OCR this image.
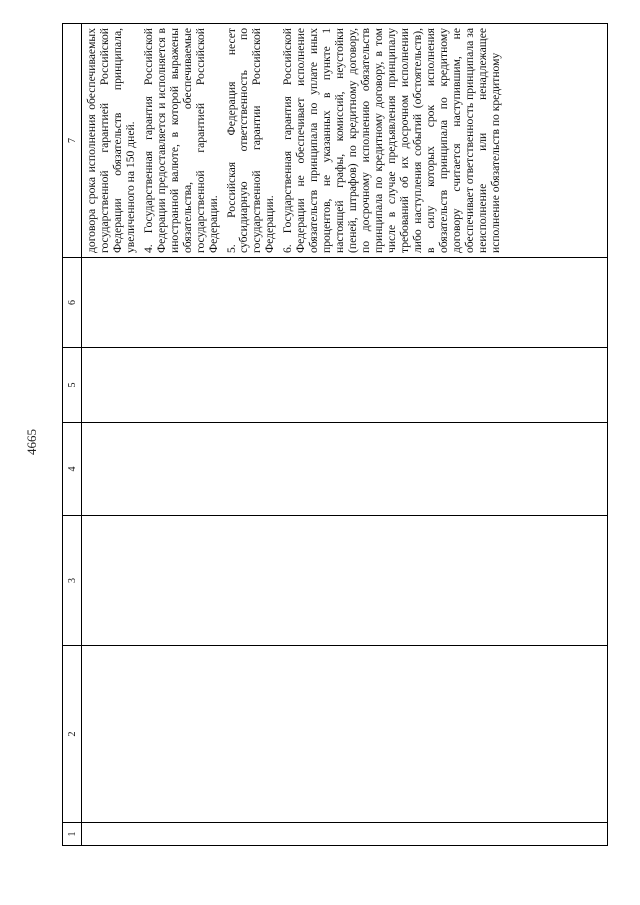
4665
1	2	3	4	5	6	7

						договора срока исполнения обеспечиваемых государственной гарантией Российской Федерации обязательств принципала, увеличенного на 150 дней. 4. Государственная гарантия Российской Федерации предоставляется и исполняется в иностранной валюте, в которой выражены обязательства, обеспечиваемые государственной гарантией Российской Федерации. 5. Российская Федерация несет субсидиарную ответственность по государственной гарантии Российской Федерации. 6. Государственная гарантия Российской Федерации не обеспечивает исполнение обязательств принципала по уплате иных процентов, не указанных в пункте 1 настоящей графы, комиссий, неустойки (пеней, штрафов) по кредитному договору, по досрочному исполнению обязательств принципала по кредитному договору, в том числе в случае предъявления принципалу требований об их досрочном исполнении либо наступления событий (обстоятельств), в силу которых срок исполнения обязательств принципала по кредитному договору считается наступившим, не обеспечивает ответственность принципала за неисполнение или ненадлежащее исполнение обязательств по кредитному
